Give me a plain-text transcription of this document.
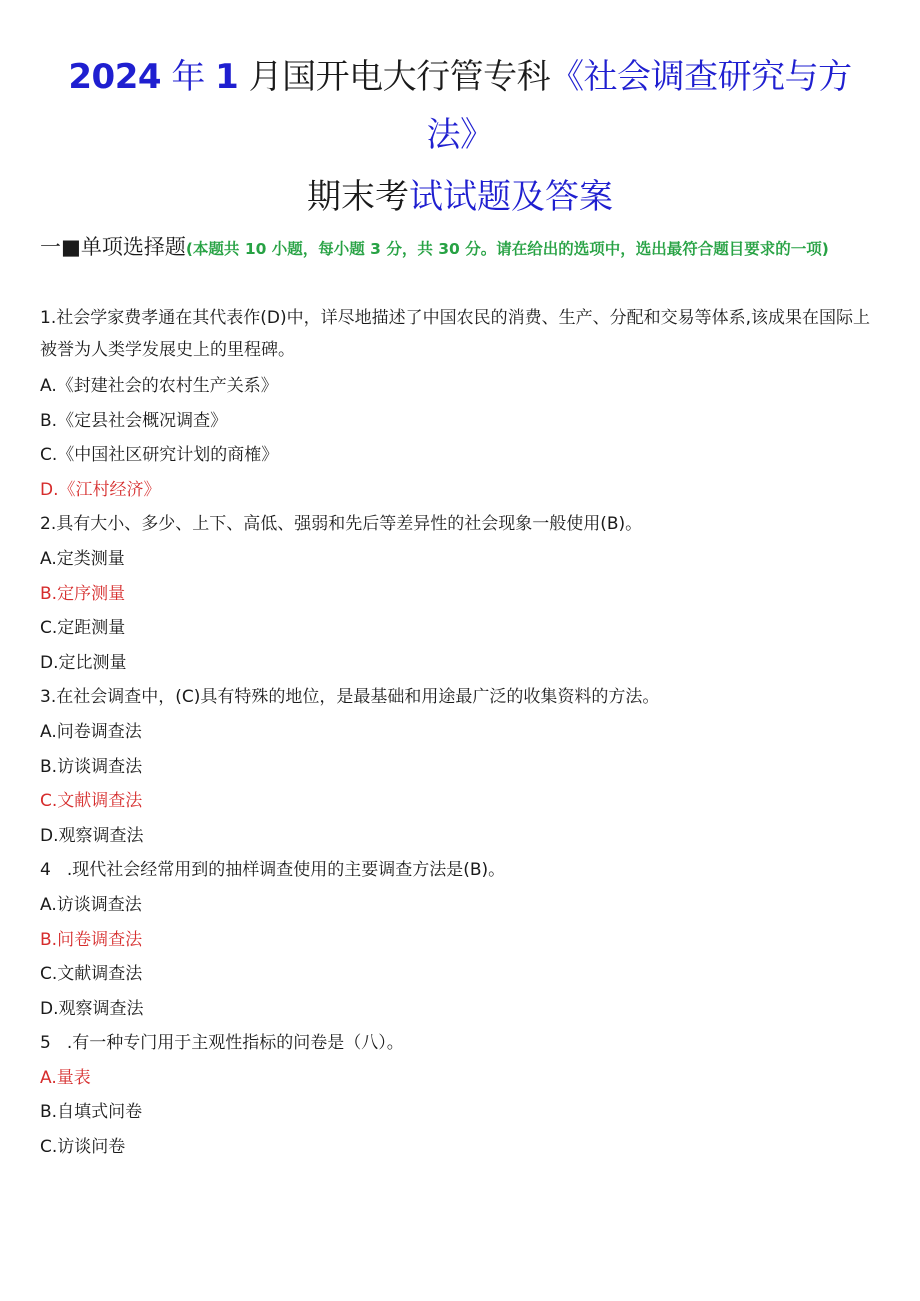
2024 年 1 月国开电大行管专科《社会调查研究与方
法》
期末考试试题及答案
一■单项选择题(本题共 10 小题，每小题 3 分，共 30 分。请在给出的选项中，选出最符合题目要求的一项)
1.社会学家费孝通在其代表作(D)中，详尽地描述了中国农民的消费、生产、分配和交易等体系,该成果在国际上被誉为人类学发展史上的里程碑。
A.《封建社会的农村生产关系》
B.《定县社会概况调查》
C.《中国社区研究计划的商榷》
D.《江村经济》
2.具有大小、多少、上下、高低、强弱和先后等差异性的社会现象一般使用(B)。
A.定类测量
B.定序测量
C.定距测量
D.定比测量
3.在社会调查中，(C)具有特殊的地位，是最基础和用途最广泛的收集资料的方法。
A.问卷调查法
B.访谈调查法
C.文献调查法
D.观察调查法
4 .现代社会经常用到的抽样调查使用的主要调查方法是(B)。
A.访谈调查法
B.问卷调查法
C.文献调查法
D.观察调查法
5 .有一种专门用于主观性指标的问卷是（八）。
A.量表
B.自填式问卷
C.访谈问卷
